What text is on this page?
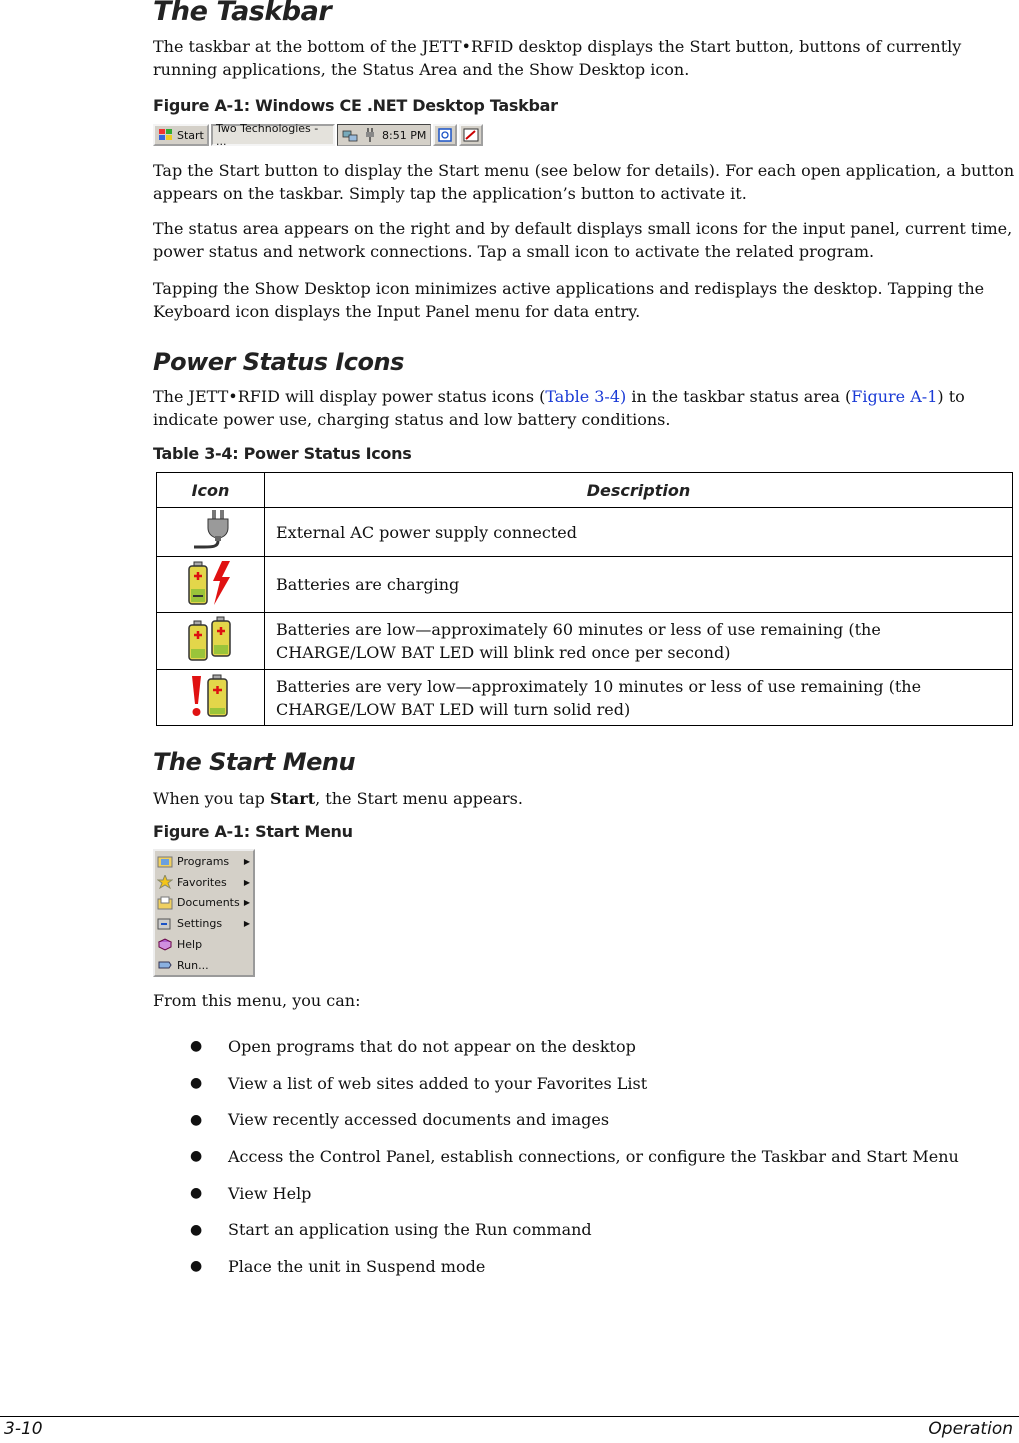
The Taskbar

The taskbar at the bottom of the JETT•RFID desktop displays the Start button, buttons of currently running applications, the Status Area and the Show Desktop icon.

Figure A-1: Windows CE .NET Desktop Taskbar

Start Two Technologies - ...	8:51 PM

Tap the Start button to display the Start menu (see below for details). For each open application, a button appears on the taskbar. Simply tap the application’s button to activate it.

The status area appears on the right and by default displays small icons for the input panel, current time, power status and network connections. Tap a small icon to activate the related program.

Tapping the Show Desktop icon minimizes active applications and redisplays the desktop. Tapping the Keyboard icon displays the Input Panel menu for data entry.

Power Status Icons

The JETT•RFID will display power status icons (Table 3-4) in the taskbar status area (Figure A-1) to indicate power use, charging status and low battery conditions.

Table 3-4: Power Status Icons

Icon	Description
	External AC power supply connected
	Batteries are charging
	Batteries are low—approximately 60 minutes or less of use remaining (the CHARGE/LOW BAT LED will blink red once per second)
	Batteries are very low—approximately 10 minutes or less of use remaining (the CHARGE/LOW BAT LED will turn solid red)
The Start Menu

When you tap Start, the Start menu appears.

Figure A-1: Start Menu

Programs ▶
Favorites ▶
Documents ▶
Settings	▶
Help
Run...

From this menu, you can:

●	Open programs that do not appear on the desktop
●	View a list of web sites added to your Favorites List
●	View recently accessed documents and images
●	Access the Control Panel, establish connections, or configure the Taskbar and Start Menu
●	View Help
●	Start an application using the Run command
●	Place the unit in Suspend mode
3-10	Operation
